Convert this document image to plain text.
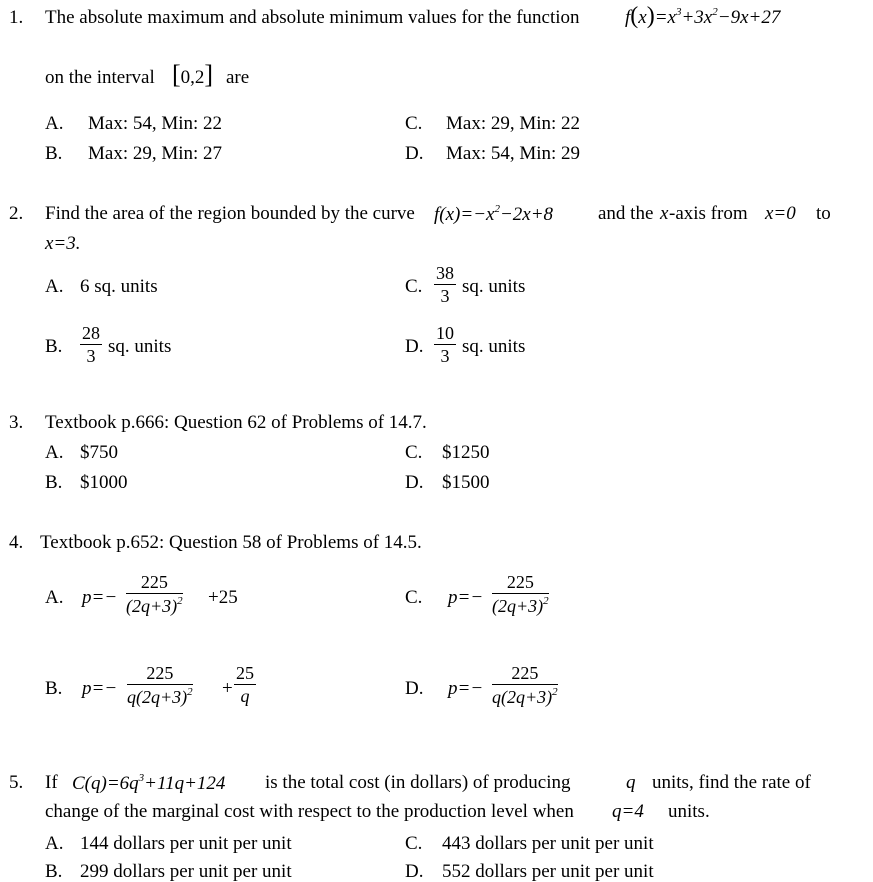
1. The absolute maximum and absolute minimum values for the function $f(x)=x^3+3x^2-9x+27$
on the interval [0,2] are
A. Max: 54, Min: 22
B. Max: 29, Min: 27
C. Max: 29, Min: 22
D. Max: 54, Min: 29
2. Find the area of the region bounded by the curve $f(x)=-x^2-2x+8$ and the x -axis from x=0 to
x=3.
A. 6 sq. units
B. $\frac{28}{3}$ sq. units
C. $\frac{38}{3}$ sq. units
D. $\frac{10}{3}$ sq. units
3. Textbook p.666: Question 62 of Problems of 14.7.
A. $750
B. $1000
C. $1250
D. $1500
4. Textbook p.652: Question 58 of Problems of 14.5.
A. $p=- \frac{225}{(2q+3)^2} +25$
B. $p=- \frac{225}{q(2q+3)^2} + \frac{25}{q}$
C. $p=- \frac{225}{(2q+3)^2}$
D. $p=- \frac{225}{q(2q+3)^2}$
5. If $C(q)=6q^3+11q+124$ is the total cost (in dollars) of producing	q units, find the rate of
change of the marginal cost with respect to the production level when q=4 units.
A. 144 dollars per unit per unit
B. 299 dollars per unit per unit
C. 443 dollars per unit per unit
D. 552 dollars per unit per unit
